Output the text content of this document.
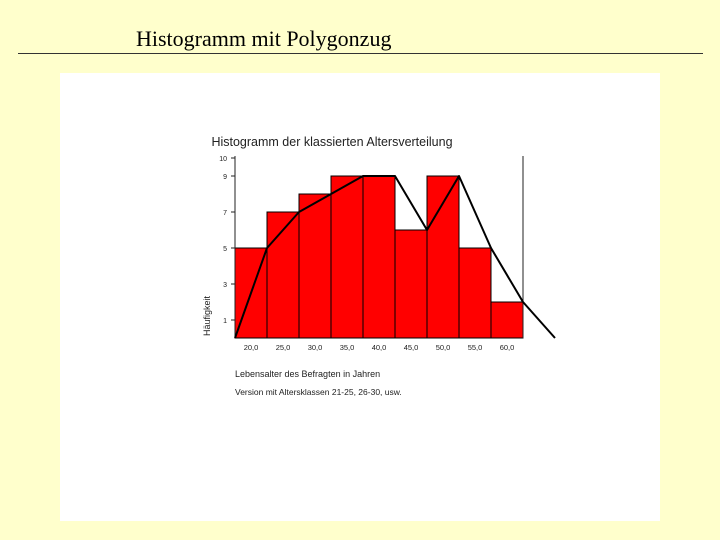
Histogramm mit Polygonzug
Histogramm der klassierten Altersverteilung
1
3
5
7
9
10
20,0 25,0 30,0 35,0 40,0 45,0 50,0 55,0 60,0
Häufigkeit
Lebensalter des Befragten in Jahren
Version mit Altersklassen 21-25, 26-30, usw.
